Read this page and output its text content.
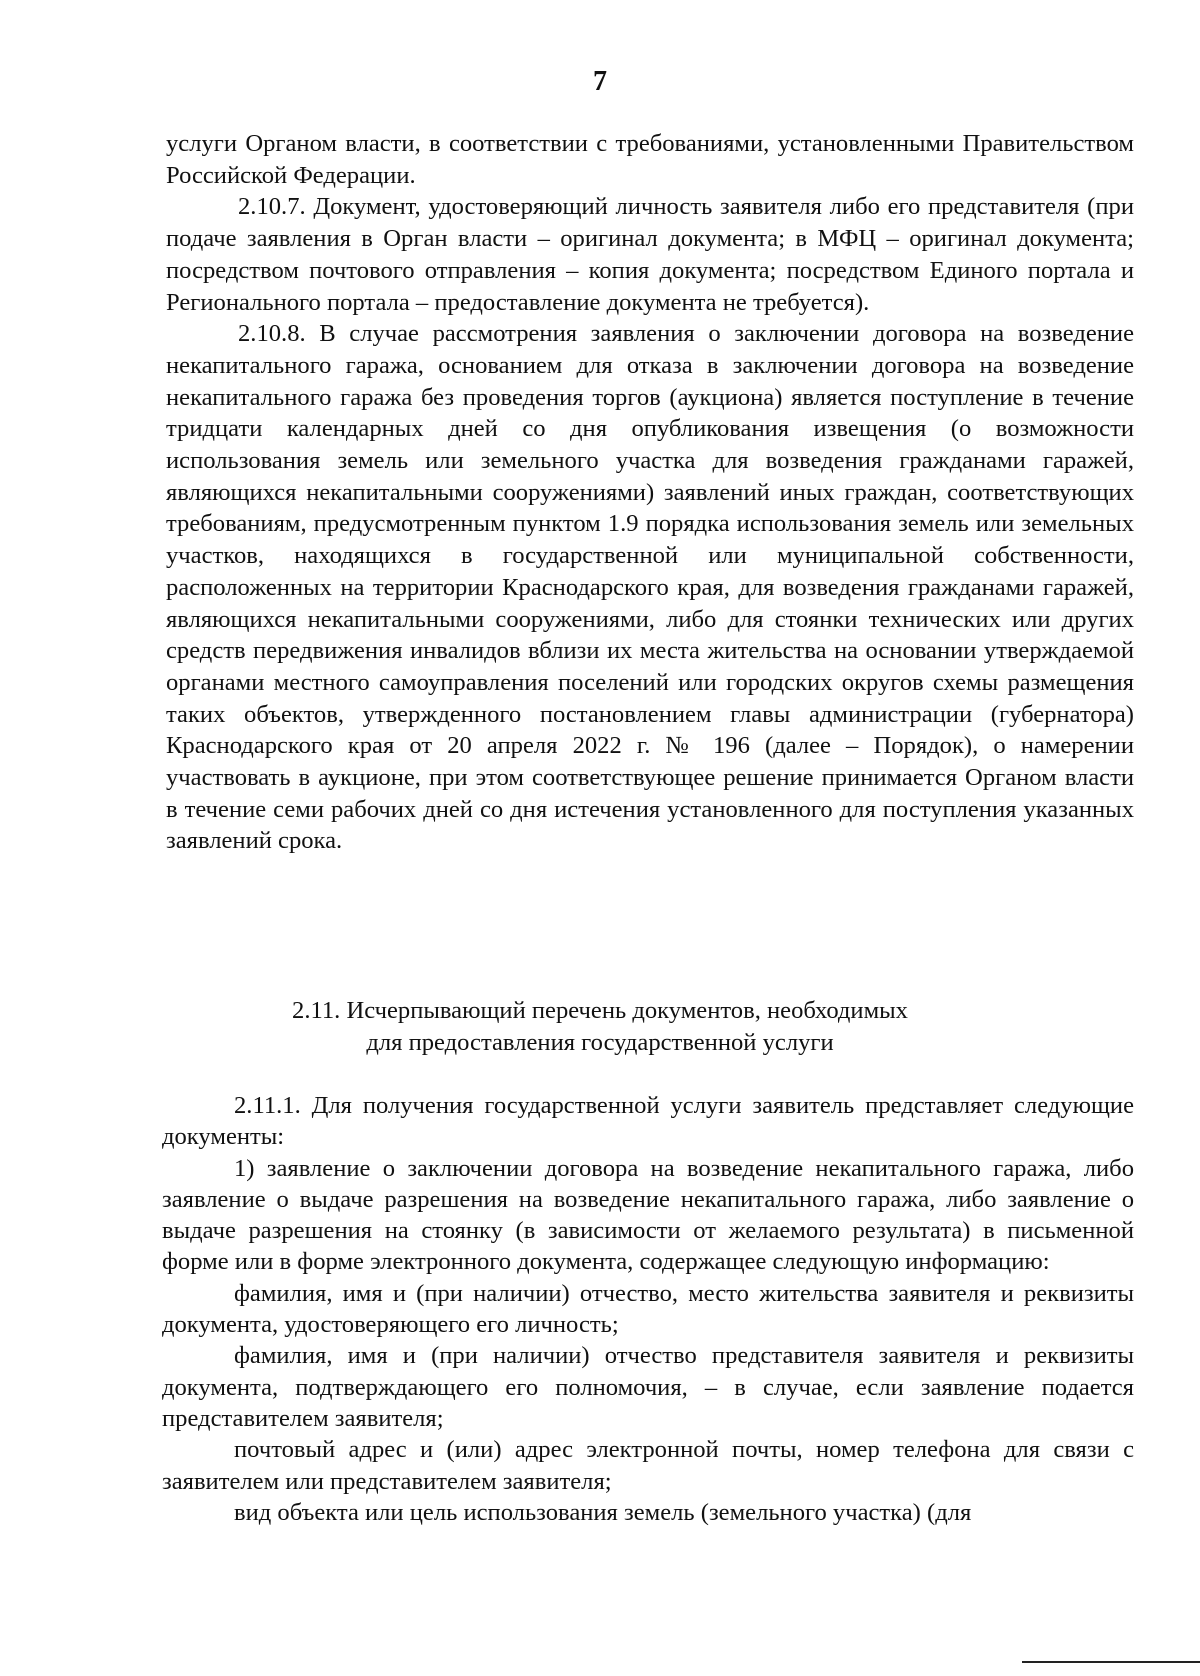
7

услуги Органом власти, в соответствии с требованиями, установленными Правительством Российской Федерации.

2.10.7. Документ, удостоверяющий личность заявителя либо его представителя (при подаче заявления в Орган власти – оригинал документа; в МФЦ – оригинал документа; посредством почтового отправления – копия документа; посредством Единого портала и Регионального портала – предоставление документа не требуется).

2.10.8. В случае рассмотрения заявления о заключении договора на возведение некапитального гаража, основанием для отказа в заключении договора на возведение некапитального гаража без проведения торгов (аукциона) является поступление в течение тридцати календарных дней со дня опубликования извещения (о возможности использования земель или земельного участка для возведения гражданами гаражей, являющихся некапитальными сооружениями) заявлений иных граждан, соответствующих требованиям, предусмотренным пунктом 1.9 порядка использования земель или земельных участков, находящихся в государственной или муниципальной собственности, расположенных на территории Краснодарского края, для возведения гражданами гаражей, являющихся некапитальными сооружениями, либо для стоянки технических или других средств передвижения инвалидов вблизи их места жительства на основании утверждаемой органами местного самоуправления поселений или городских округов схемы размещения таких объектов, утвержденного постановлением главы администрации (губернатора) Краснодарского края от 20 апреля 2022 г. № 196 (далее – Порядок), о намерении участвовать в аукционе, при этом соответствующее решение принимается Органом власти в течение семи рабочих дней со дня истечения установленного для поступления указанных заявлений срока.

2.11. Исчерпывающий перечень документов, необходимых
для предоставления государственной услуги

2.11.1. Для получения государственной услуги заявитель представляет следующие документы:

1) заявление о заключении договора на возведение некапитального гаража, либо заявление о выдаче разрешения на возведение некапитального гаража, либо заявление о выдаче разрешения на стоянку (в зависимости от желаемого результата) в письменной форме или в форме электронного документа, содержащее следующую информацию:

фамилия, имя и (при наличии) отчество, место жительства заявителя и реквизиты документа, удостоверяющего его личность;

фамилия, имя и (при наличии) отчество представителя заявителя и реквизиты документа, подтверждающего его полномочия, – в случае, если заявление подается представителем заявителя;

почтовый адрес и (или) адрес электронной почты, номер телефона для связи с заявителем или представителем заявителя;

вид объекта или цель использования земель (земельного участка) (для
